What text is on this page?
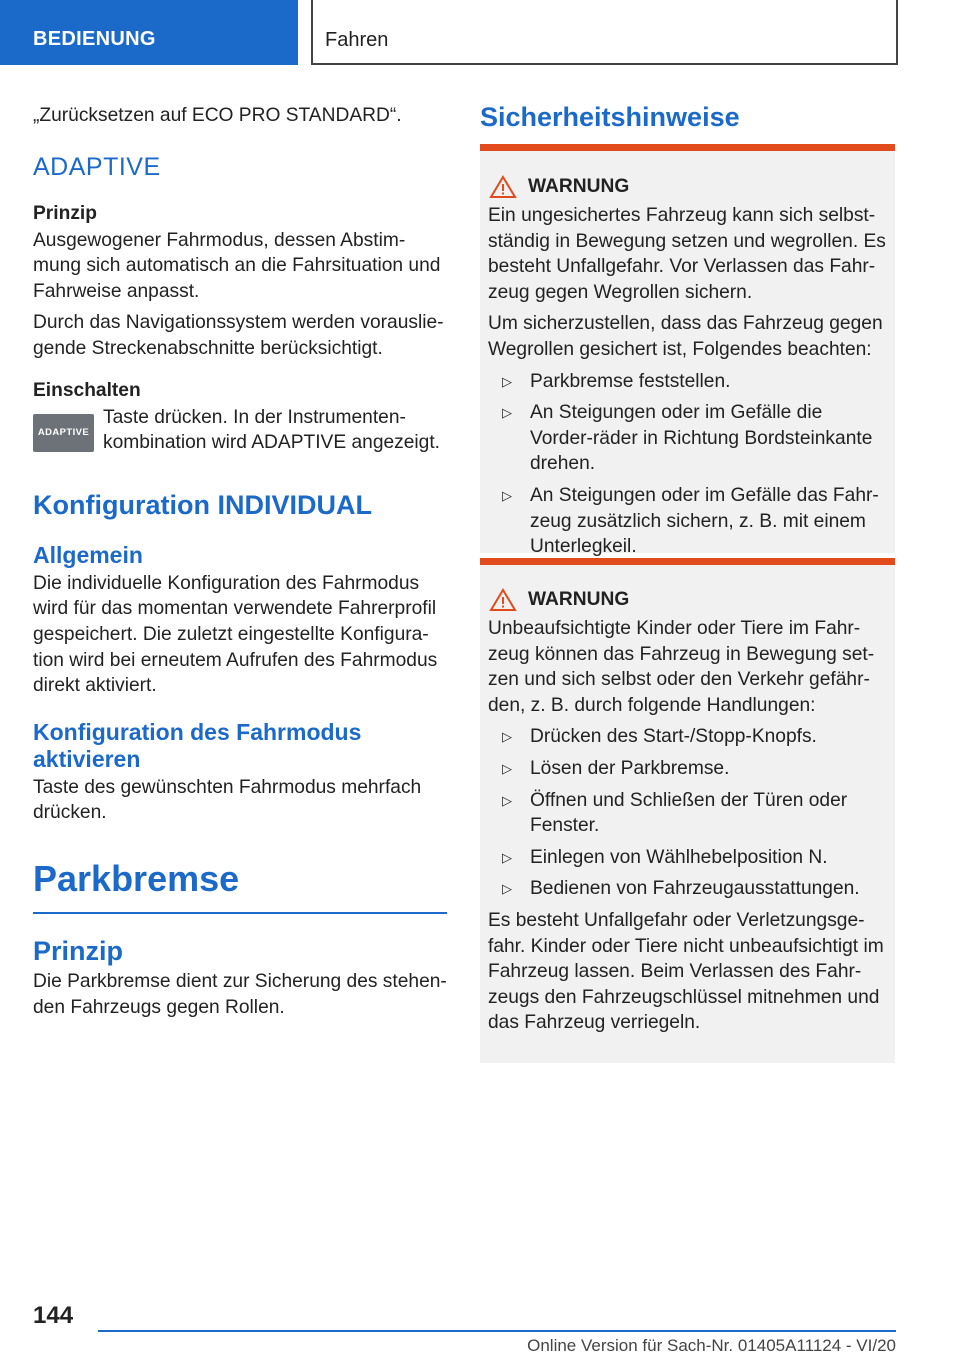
BEDIENUNG	Fahren
„Zurücksetzen auf ECO PRO STANDARD“.
ADAPTIVE
Prinzip
Ausgewogener Fahrmodus, dessen Abstim-mung sich automatisch an die Fahrsituation und Fahrweise anpasst.
Durch das Navigationssystem werden vorauslie-gende Streckenabschnitte berücksichtigt.
Einschalten
ADAPTIVE
Taste drücken. In der Instrumenten-kombination wird ADAPTIVE angezeigt.
Konfiguration INDIVIDUAL
Allgemein
Die individuelle Konfiguration des Fahrmodus wird für das momentan verwendete Fahrerprofil gespeichert. Die zuletzt eingestellte Konfigura-tion wird bei erneutem Aufrufen des Fahrmodus direkt aktiviert.
Konfiguration des Fahrmodus aktivieren
Taste des gewünschten Fahrmodus mehrfach drücken.
Parkbremse
Prinzip
Die Parkbremse dient zur Sicherung des stehen-den Fahrzeugs gegen Rollen.
Sicherheitshinweise
WARNUNG
Ein ungesichertes Fahrzeug kann sich selbst-ständig in Bewegung setzen und wegrollen. Es besteht Unfallgefahr. Vor Verlassen das Fahr-zeug gegen Wegrollen sichern.
Um sicherzustellen, dass das Fahrzeug gegen Wegrollen gesichert ist, Folgendes beachten:
▷ Parkbremse feststellen.
▷ An Steigungen oder im Gefälle die Vorder-räder in Richtung Bordsteinkante drehen.
▷ An Steigungen oder im Gefälle das Fahr-zeug zusätzlich sichern, z. B. mit einem Unterlegkeil.
WARNUNG
Unbeaufsichtigte Kinder oder Tiere im Fahr-zeug können das Fahrzeug in Bewegung set-zen und sich selbst oder den Verkehr gefähr-den, z. B. durch folgende Handlungen:
▷ Drücken des Start-/Stopp-Knopfs.
▷ Lösen der Parkbremse.
▷ Öffnen und Schließen der Türen oder Fenster.
▷ Einlegen von Wählhebelposition N.
▷ Bedienen von Fahrzeugausstattungen.
Es besteht Unfallgefahr oder Verletzungsge-fahr. Kinder oder Tiere nicht unbeaufsichtigt im Fahrzeug lassen. Beim Verlassen des Fahr-zeugs den Fahrzeugschlüssel mitnehmen und das Fahrzeug verriegeln.
144
Online Version für Sach-Nr. 01405A11124 - VI/20
